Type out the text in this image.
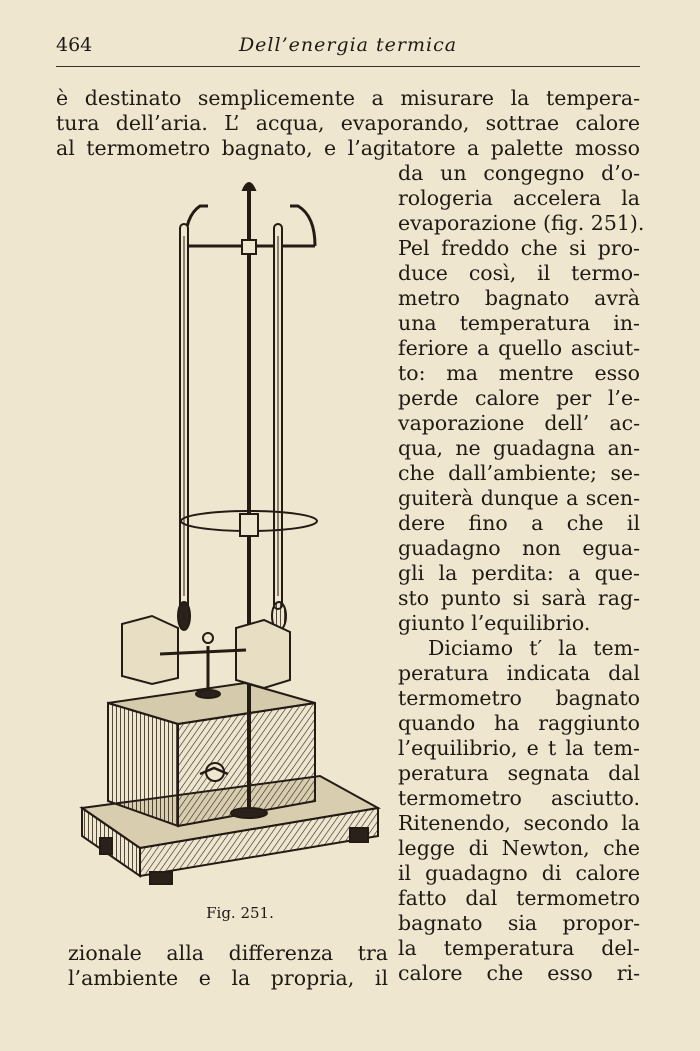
464	Dell’energia termica
è destinato semplicemente a misurare la tempera-
tura dell’aria. L’ acqua, evaporando, sottrae calore
al termometro bagnato, e l’agitatore a palette mosso
da un congegno d’o-
rologeria accelera la
evaporazione (fig. 251).
Pel freddo che si pro-
duce così, il termo-
metro bagnato avrà
una temperatura in-
feriore a quello asciut-
to: ma mentre esso
perde calore per l’e-
vaporazione dell’ ac-
qua, ne guadagna an-
che dall’ambiente; se-
guiterà dunque a scen-
dere fino a che il
guadagno non egua-
gli la perdita: a que-
sto punto si sarà rag-
giunto l’equilibrio.
Diciamo t′ la tem-
peratura indicata dal
termometro bagnato
quando ha raggiunto
l’equilibrio, e t la tem-
peratura segnata dal
termometro asciutto.
Ritenendo, secondo la
legge di Newton, che
il guadagno di calore
fatto dal termometro
bagnato sia propor-
zionale alla differenza tra la temperatura del-
l’ambiente e la propria, il calore che esso ri-
Fig. 251.
